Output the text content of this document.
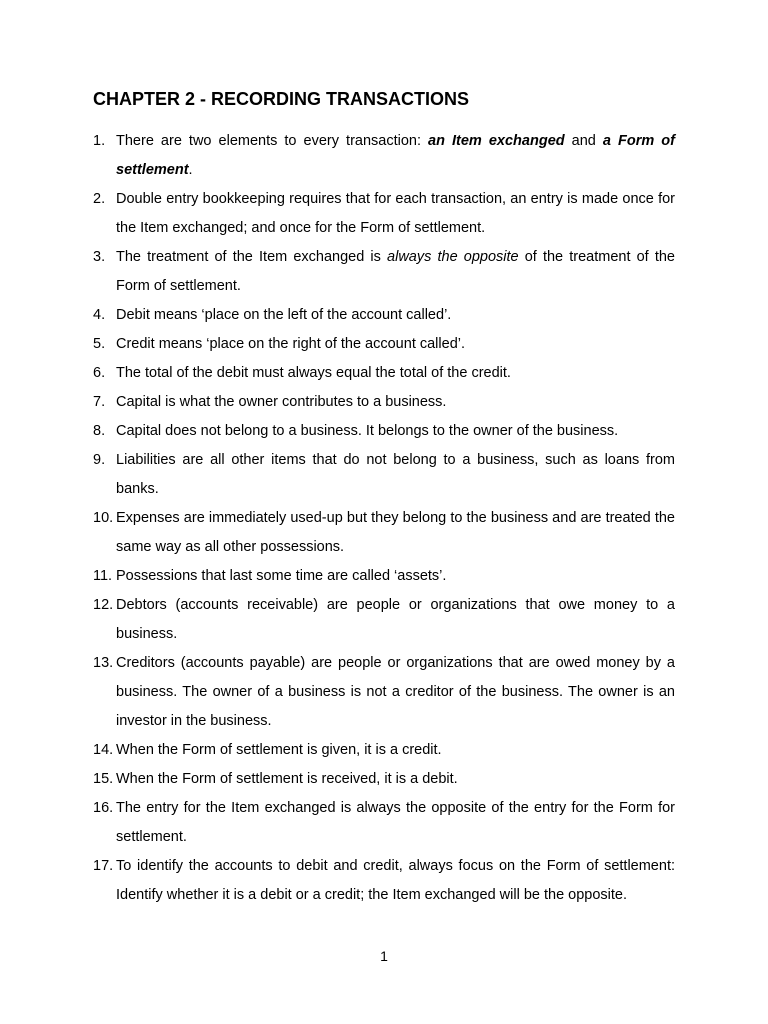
CHAPTER 2 - RECORDING TRANSACTIONS
1. There are two elements to every transaction: an Item exchanged and a Form of settlement.
2. Double entry bookkeeping requires that for each transaction, an entry is made once for the Item exchanged; and once for the Form of settlement.
3. The treatment of the Item exchanged is always the opposite of the treatment of the Form of settlement.
4. Debit means ‘place on the left of the account called’.
5. Credit means ‘place on the right of the account called’.
6. The total of the debit must always equal the total of the credit.
7. Capital is what the owner contributes to a business.
8. Capital does not belong to a business. It belongs to the owner of the business.
9. Liabilities are all other items that do not belong to a business, such as loans from banks.
10. Expenses are immediately used-up but they belong to the business and are treated the same way as all other possessions.
11. Possessions that last some time are called ‘assets’.
12. Debtors (accounts receivable) are people or organizations that owe money to a business.
13. Creditors (accounts payable) are people or organizations that are owed money by a business. The owner of a business is not a creditor of the business. The owner is an investor in the business.
14. When the Form of settlement is given, it is a credit.
15. When the Form of settlement is received, it is a debit.
16. The entry for the Item exchanged is always the opposite of the entry for the Form for settlement.
17. To identify the accounts to debit and credit, always focus on the Form of settlement: Identify whether it is a debit or a credit; the Item exchanged will be the opposite.
1
